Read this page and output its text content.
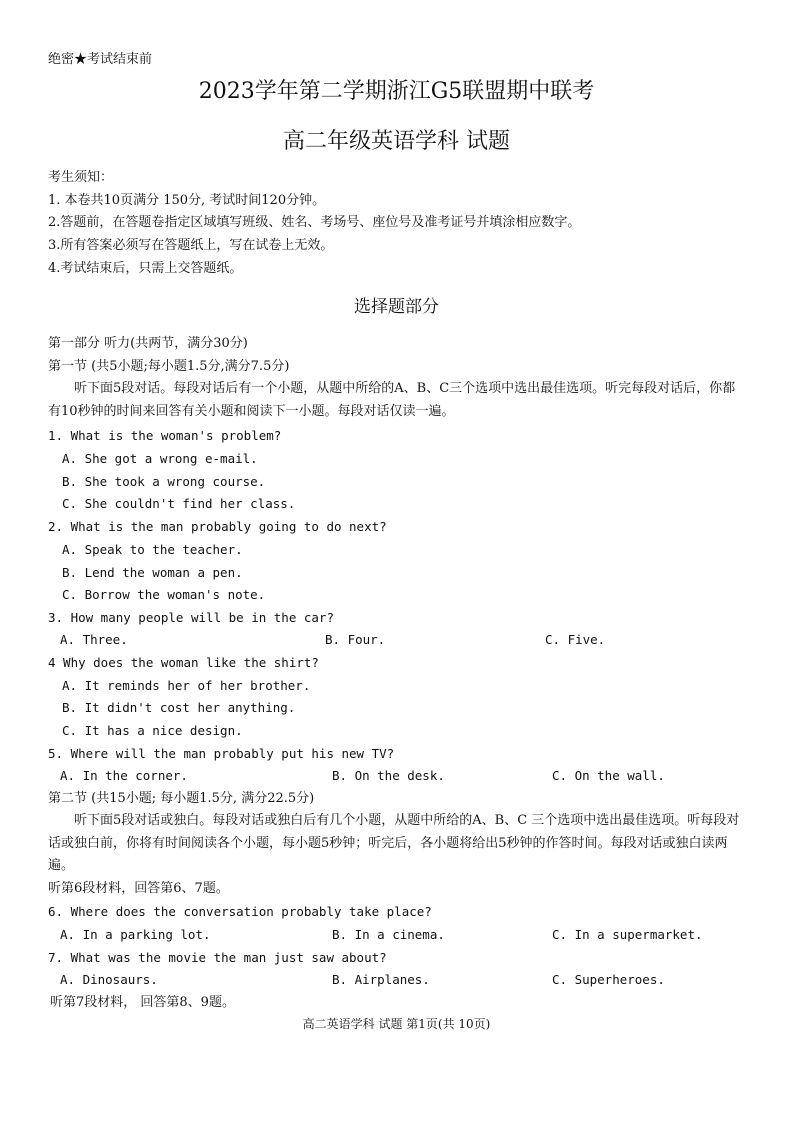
绝密★考试结束前
2023学年第二学期浙江G5联盟期中联考
高二年级英语学科 试题
考生须知：
1. 本卷共10页满分 150分, 考试时间120分钟。
2.答题前，在答题卷指定区域填写班级、姓名、考场号、座位号及准考证号并填涂相应数字。
3.所有答案必须写在答题纸上，写在试卷上无效。
4.考试结束后，只需上交答题纸。
选择题部分
第一部分 听力(共两节，满分30分)
第一节 (共5小题;每小题1.5分,满分7.5分)
听下面5段对话。每段对话后有一个小题，从题中所给的A、B、C三个选项中选出最佳选项。听完每段对话后，你都有10秒钟的时间来回答有关小题和阅读下一小题。每段对话仅读一遍。
1. What is the woman's problem?
A. She got a wrong e-mail.
B. She took a wrong course.
C. She couldn't find her class.
2. What is the man probably going to do next?
A. Speak to the teacher.
B. Lend the woman a pen.
C. Borrow the woman's note.
3. How many people will be in the car?
A. Three.	B. Four.	C. Five.
4 Why does the woman like the shirt?
A. It reminds her of her brother.
B. It didn't cost her anything.
C. It has a nice design.
5. Where will the man probably put his new TV?
A. In the corner.	B. On the desk.	C. On the wall.
第二节 (共15小题; 每小题1.5分, 满分22.5分)
听下面5段对话或独白。每段对话或独白后有几个小题，从题中所给的A、B、C 三个选项中选出最佳选项。听每段对话或独白前，你将有时间阅读各个小题，每小题5秒钟；听完后，各小题将给出5秒钟的作答时间。每段对话或独白读两遍。
听第6段材料，回答第6、7题。
6. Where does the conversation probably take place?
A. In a parking lot.	B. In a cinema.	C. In a supermarket.
7. What was the movie the man just saw about?
A. Dinosaurs.	B. Airplanes.	C. Superheroes.
听第7段材料， 回答第8、9题。
高二英语学科 试题 第1页(共 10页)
